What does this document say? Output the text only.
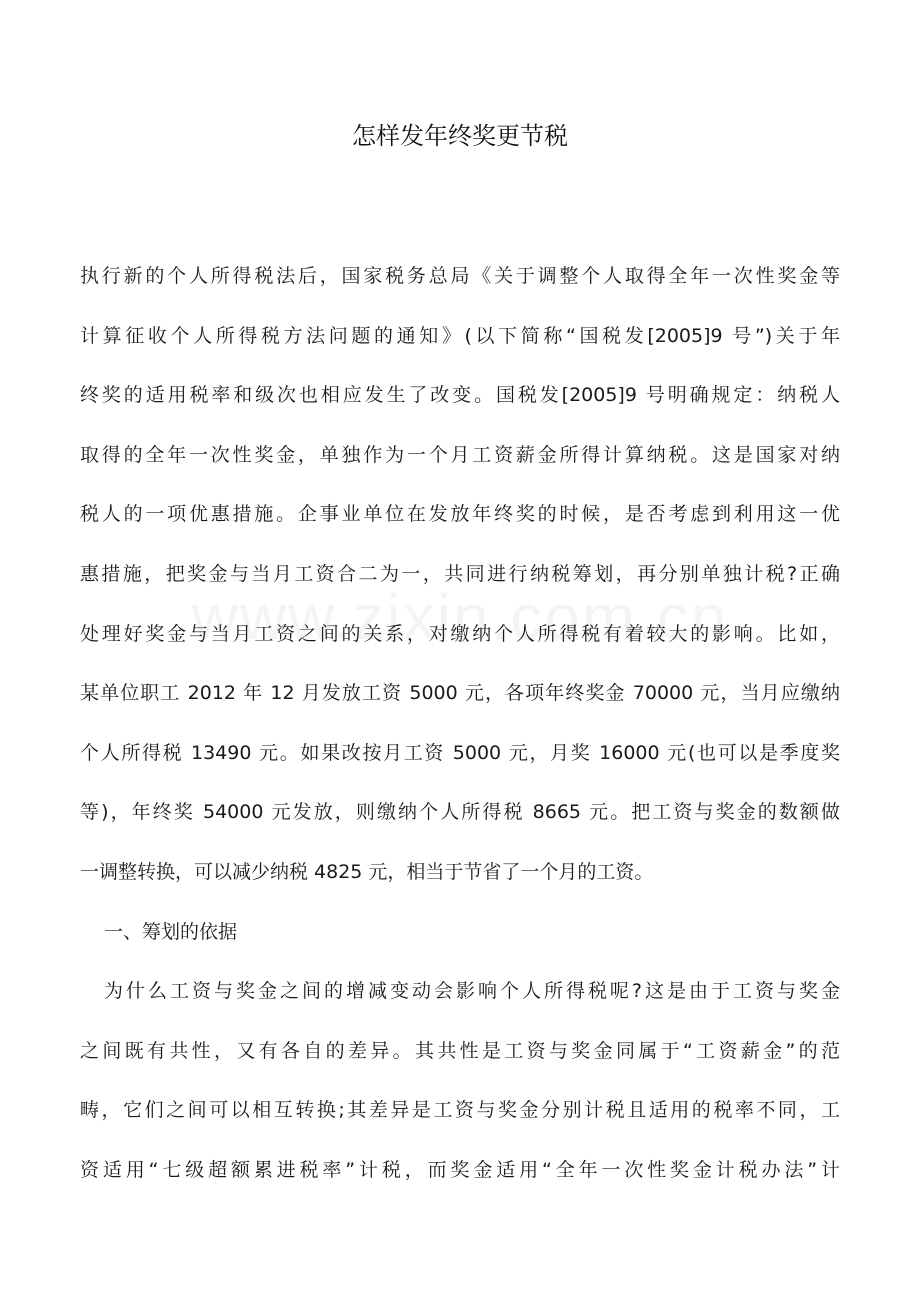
怎样发年终奖更节税
执行新的个人所得税法后，国家税务总局《关于调整个人取得全年一次性奖金等
计算征收个人所得税方法问题的通知》(以下简称“国税发[2005]9 号”)关于年
终奖的适用税率和级次也相应发生了改变。国税发[2005]9 号明确规定：纳税人
取得的全年一次性奖金，单独作为一个月工资薪金所得计算纳税。这是国家对纳
税人的一项优惠措施。企事业单位在发放年终奖的时候，是否考虑到利用这一优
惠措施，把奖金与当月工资合二为一，共同进行纳税筹划，再分别单独计税?正确
处理好奖金与当月工资之间的关系，对缴纳个人所得税有着较大的影响。比如，
某单位职工 2012 年 12 月发放工资 5000 元，各项年终奖金 70000 元，当月应缴纳
个人所得税 13490 元。如果改按月工资 5000 元，月奖 16000 元(也可以是季度奖
等)，年终奖 54000 元发放，则缴纳个人所得税 8665 元。把工资与奖金的数额做
一调整转换，可以减少纳税 4825 元，相当于节省了一个月的工资。
一、筹划的依据
为什么工资与奖金之间的增减变动会影响个人所得税呢?这是由于工资与奖金
之间既有共性，又有各自的差异。其共性是工资与奖金同属于“工资薪金”的范
畴，它们之间可以相互转换;其差异是工资与奖金分别计税且适用的税率不同，工
资适用“七级超额累进税率”计税，而奖金适用“全年一次性奖金计税办法”计
